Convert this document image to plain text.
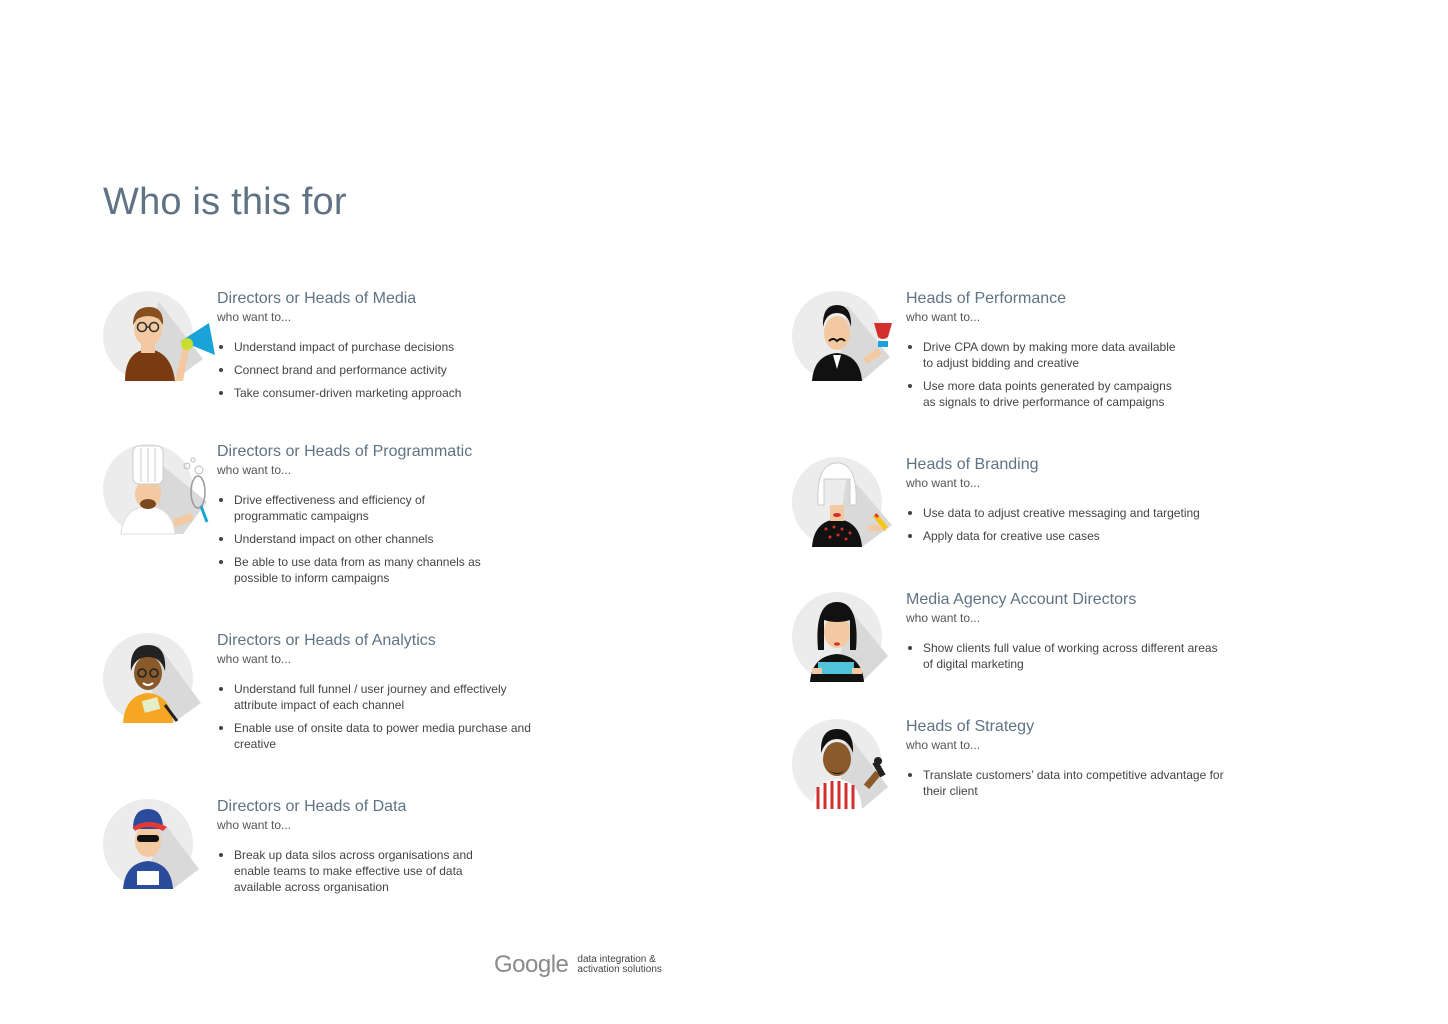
Who is this for

Directors or Heads of Media

who want to...

Understand impact of purchase decisions
Connect brand and performance activity
Take consumer-driven marketing approach

Directors or Heads of Programmatic

who want to...

Drive effectiveness and efficiency of programmatic campaigns
Understand impact on other channels
Be able to use data from as many channels as possible to inform campaigns

Directors or Heads of Analytics

who want to...

Understand full funnel / user journey and effectively attribute impact of each channel
Enable use of onsite data to power media purchase and creative

Directors or Heads of Data

who want to...

Break up data silos across organisations and enable teams to make effective use of data available across organisation

Heads of Performance

who want to...

Drive CPA down by making more data available to adjust bidding and creative
Use more data points generated by campaigns as signals to drive performance of campaigns

Heads of Branding

who want to...

Use data to adjust creative messaging and targeting
Apply data for creative use cases

Media Agency Account Directors

who want to...

Show clients full value of working across different areas of digital marketing

Heads of Strategy

who want to...

Translate customers’ data into competitive advantage for their client
Google data integration &
activation solutions
